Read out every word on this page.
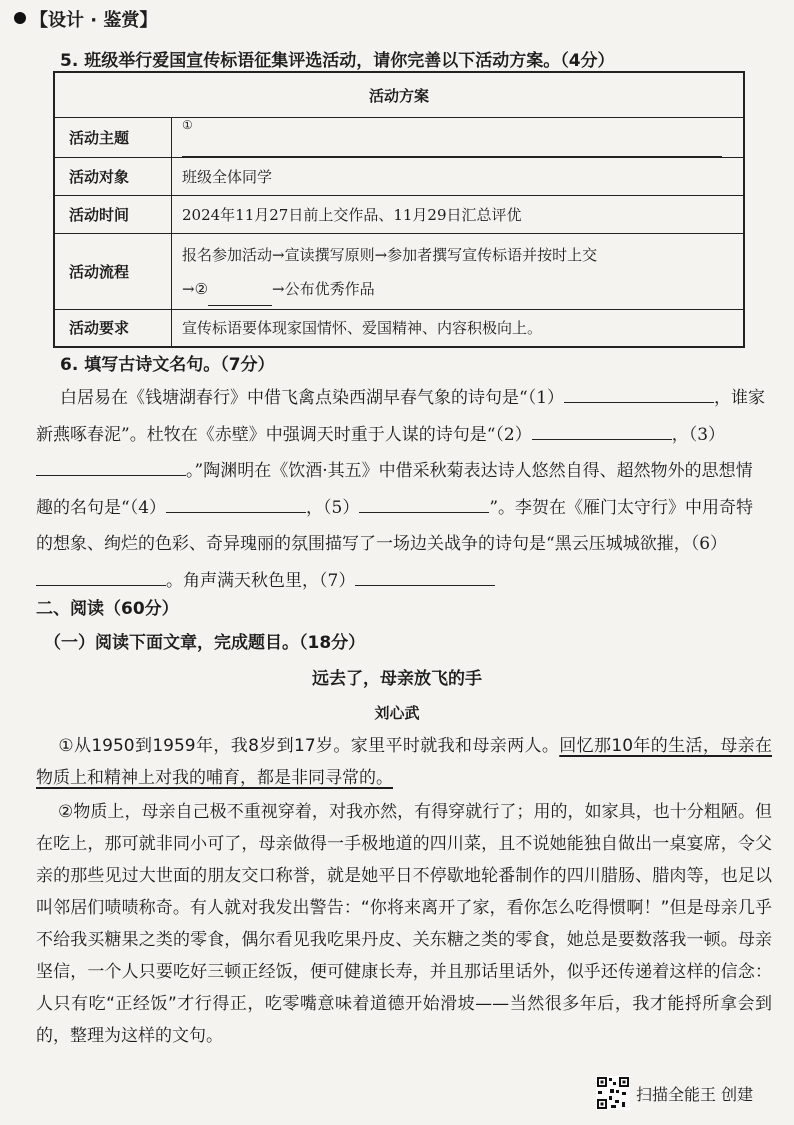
【设计 · 鉴赏】
5. 班级举行爱国宣传标语征集评选活动，请你完善以下活动方案。（4分）
活动方案	
活动主题	①
活动对象	班级全体同学
活动时间	2024年11月27日前上交作品、11月29日汇总评优
活动流程	报名参加活动→宣读撰写原则→参加者撰写宣传标语并按时上交
→② →公布优秀作品

活动要求	宣传标语要体现家国情怀、爱国精神、内容积极向上。
6. 填写古诗文名句。（7分）
白居易在《钱塘湖春行》中借飞禽点染西湖早春气象的诗句是“（1）	，谁家新燕啄春泥”。杜牧在《赤壁》中强调天时重于人谋的诗句是“（2）	，（3）。”陶渊明在《饮酒·其五》中借采秋菊表达诗人悠然自得、超然物外的思想情趣的名句是“（4）	，（5）	”。李贺在《雁门太守行》中用奇特的想象、绚烂的色彩、奇异瑰丽的氛围描写了一场边关战争的诗句是“黑云压城城欲摧，（6）。角声满天秋色里，（7）
二、阅读（60分）
（一）阅读下面文章，完成题目。（18分）
远去了，母亲放飞的手
刘心武
①从1950到1959年，我8岁到17岁。家里平时就我和母亲两人。回忆那10年的生活，母亲在物质上和精神上对我的哺育，都是非同寻常的。
②物质上，母亲自己极不重视穿着，对我亦然，有得穿就行了；用的，如家具，也十分粗陋。但在吃上，那可就非同小可了，母亲做得一手极地道的四川菜，且不说她能独自做出一桌宴席，令父亲的那些见过大世面的朋友交口称誉，就是她平日不停歇地轮番制作的四川腊肠、腊肉等，也足以叫邻居们啧啧称奇。有人就对我发出警告：“你将来离开了家，看你怎么吃得惯啊！”但是母亲几乎不给我买糖果之类的零食，偶尔看见我吃果丹皮、关东糖之类的零食，她总是要数落我一顿。母亲坚信，一个人只要吃好三顿正经饭，便可健康长寿，并且那话里话外，似乎还传递着这样的信念：人只有吃“正经饭”才行得正，吃零嘴意味着道德开始滑坡——当然很多年后，我才能捋所拿会到的，整理为这样的文句。
扫描全能王 创建
